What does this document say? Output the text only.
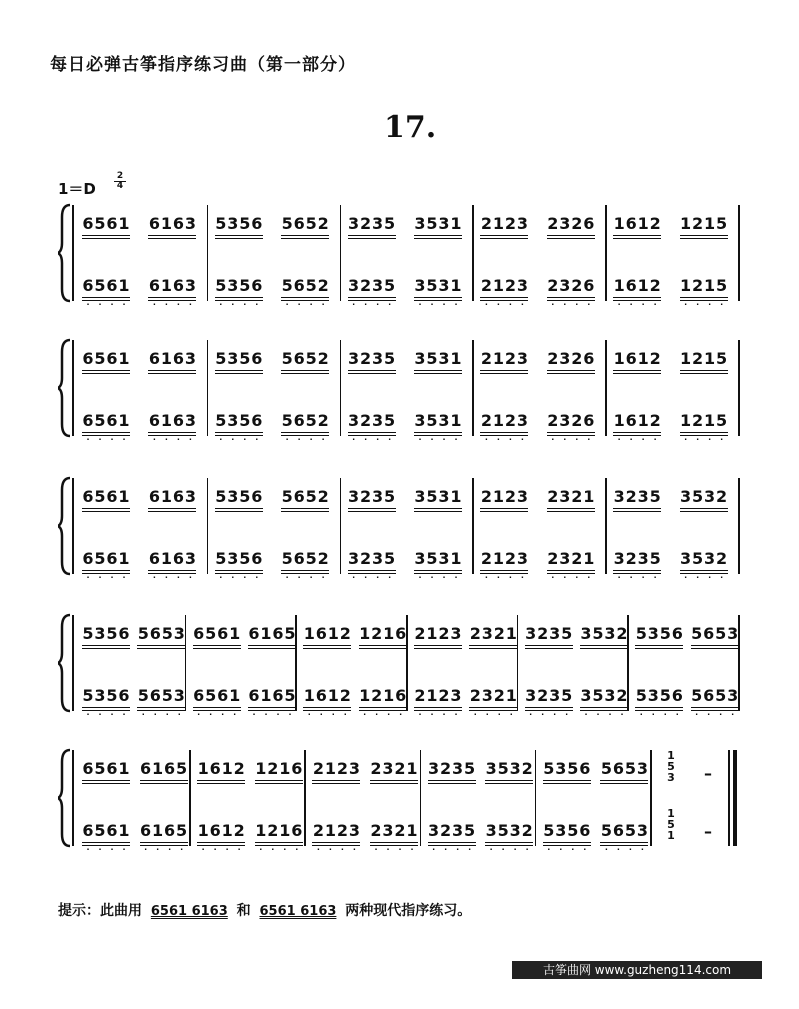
每日必弹古筝指序练习曲（第一部分）
17.
1＝D
2
4
6 5 6 1
6 5 6 1
·	·	·	·
6 1 6 3
6 1 6 3
·	·	·	·
5 3 5 6
5 3 5 6
·	·	·	·
5 6 5 2
5 6 5 2
·	·	·	·
3 2 3 5
3 2 3 5
·	·	·	·
3 5 3 1
3 5 3 1
·	·	·	·
2 1 2 3
2 1 2 3
·	·	·	·
2 3 2 6
2 3 2 6
·	·	·	·
1 6 1 2
1 6 1 2
·	·	·	·
1 2 1 5
1 2 1 5
·	·	·	·
6 5 6 1
6 5 6 1
·	·	·	·
6 1 6 3
6 1 6 3
·	·	·	·
5 3 5 6
5 3 5 6
·	·	·	·
5 6 5 2
5 6 5 2
·	·	·	·
3 2 3 5
3 2 3 5
·	·	·	·
3 5 3 1
3 5 3 1
·	·	·	·
2 1 2 3
2 1 2 3
·	·	·	·
2 3 2 6
2 3 2 6
·	·	·	·
1 6 1 2
1 6 1 2
·	·	·	·
1 2 1 5
1 2 1 5
·	·	·	·
6 5 6 1
6 5 6 1
·	·	·	·
6 1 6 3
6 1 6 3
·	·	·	·
5 3 5 6
5 3 5 6
·	·	·	·
5 6 5 2
5 6 5 2
·	·	·	·
3 2 3 5
3 2 3 5
·	·	·	·
3 5 3 1
3 5 3 1
·	·	·	·
2 1 2 3
2 1 2 3
·	·	·	·
2 3 2 1
2 3 2 1
·	·	·	·
3 2 3 5
3 2 3 5
·	·	·	·
3 5 3 2
3 5 3 2
·	·	·	·
5 3 5 6
5 3 5 6
·	·	·	·
5 6 5 3
5 6 5 3
·	·	·	·
6 5 6 1
6 5 6 1
·	·	·	·
6 1 6 5
6 1 6 5
·	·	·	·
1 6 1 2
1 6 1 2
·	·	·	·
1 2 1 6
1 2 1 6
·	·	·	·
2 1 2 3
2 1 2 3
·	·	·	·
2 3 2 1
2 3 2 1
·	·	·	·
3 2 3 5
3 2 3 5
·	·	·	·
3 5 3 2
3 5 3 2
·	·	·	·
5 3 5 6
5 3 5 6
·	·	·	·
5 6 5 3
5 6 5 3
·	·	·	·
6 5 6 1
6 5 6 1
·	·	·	·
6 1 6 5
6 1 6 5
·	·	·	·
1 6 1 2
1 6 1 2
·	·	·	·
1 2 1 6
1 2 1 6
·	·	·	·
2 1 2 3
2 1 2 3
·	·	·	·
2 3 2 1
2 3 2 1
·	·	·	·
3 2 3 5
3 2 3 5
·	·	·	·
3 5 3 2
3 5 3 2
·	·	·	·
5 3 5 6
5 3 5 6
·	·	·	·
5 6 5 3
5 6 5 3
·	·	·	·
1
5
3
1
5
1
–
–
提示：此曲用 6561 6163 和 6561 6163 两种现代指序练习。
古筝曲网 www.guzheng114.com
